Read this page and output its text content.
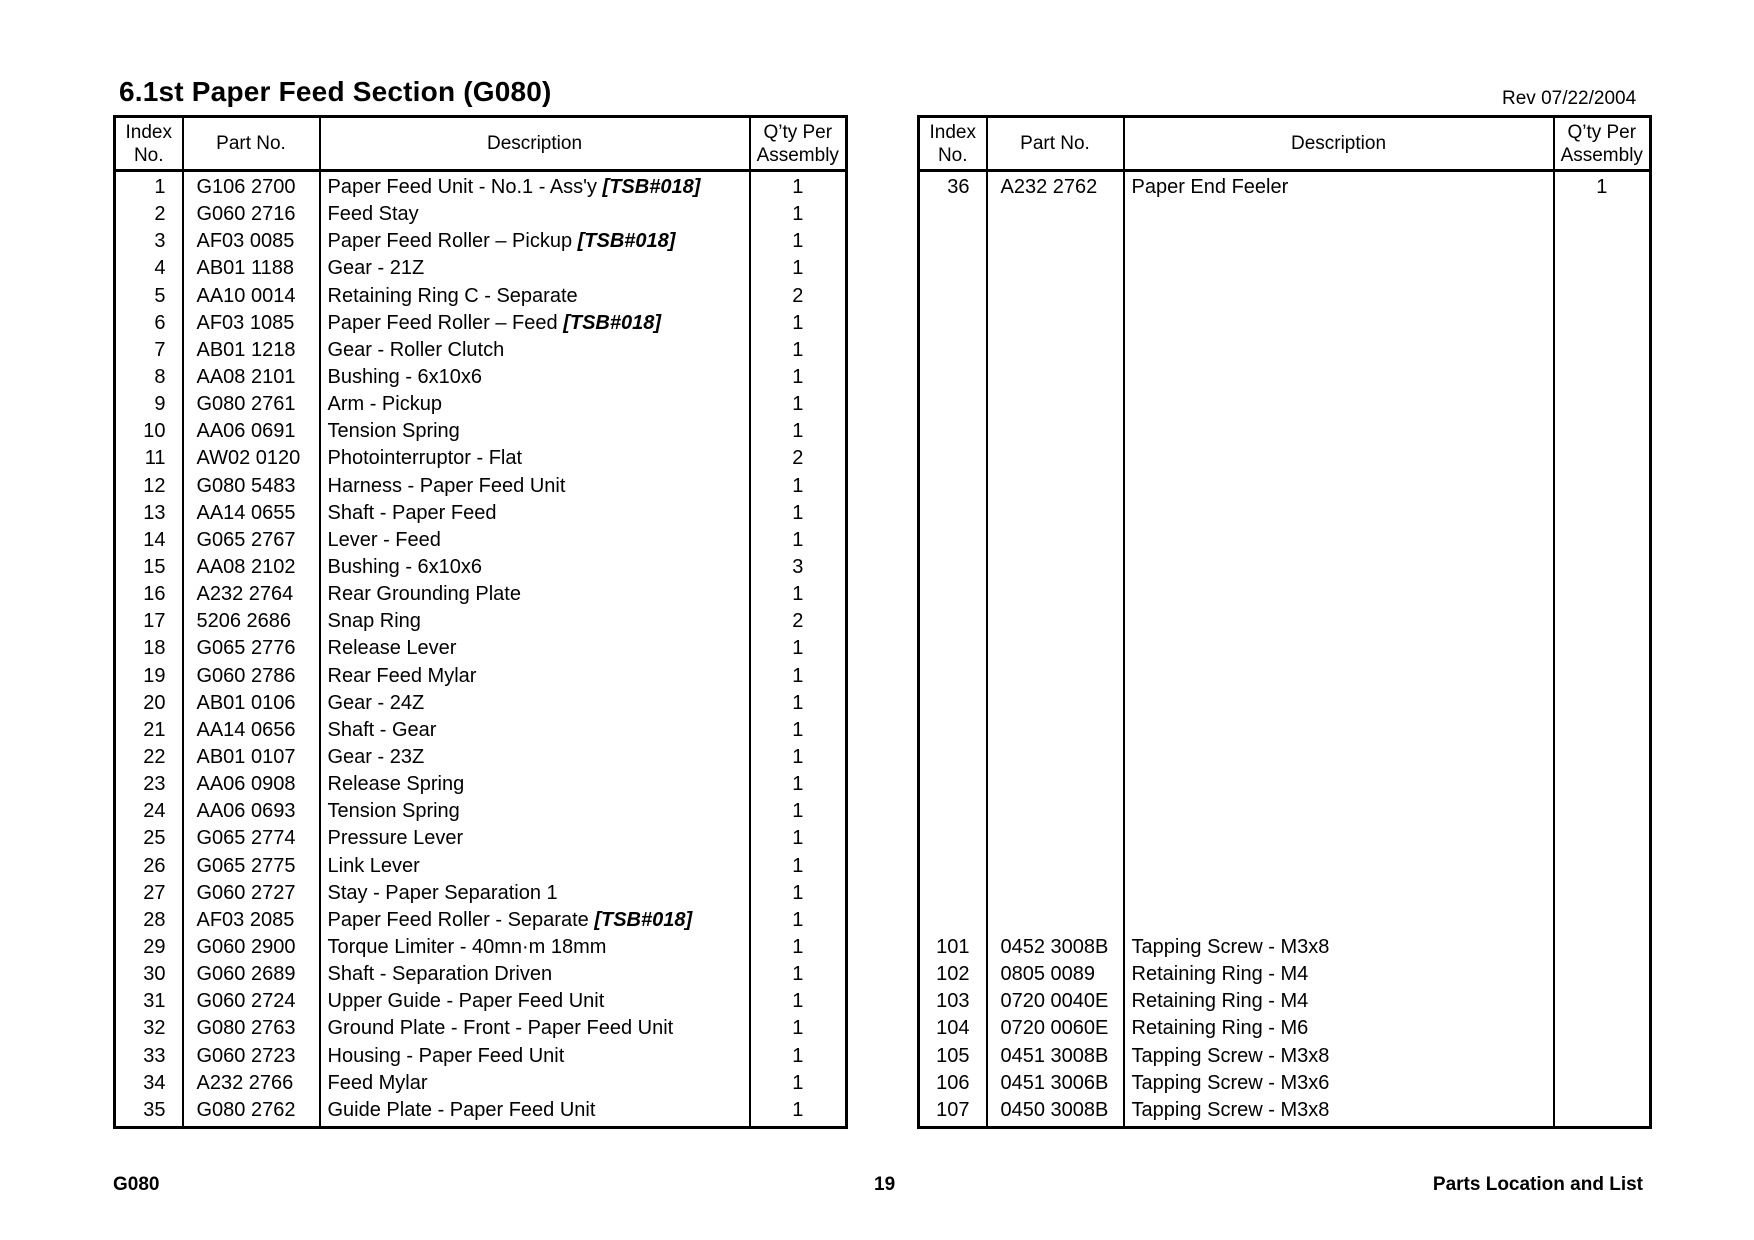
6.1st Paper Feed Section (G080)	Rev 07/22/2004
Index
No.	Part No.	Description	Q’ty Per
Assembly
1	G106 2700	Paper Feed Unit - No.1 - Ass'y [TSB#018]	1
2	G060 2716	Feed Stay	1
3	AF03 0085	Paper Feed Roller – Pickup [TSB#018]	1
4	AB01 1188	Gear - 21Z	1
5	AA10 0014	Retaining Ring C - Separate	2
6	AF03 1085	Paper Feed Roller – Feed [TSB#018]	1
7	AB01 1218	Gear - Roller Clutch	1
8	AA08 2101	Bushing - 6x10x6	1
9	G080 2761	Arm - Pickup	1
10	AA06 0691	Tension Spring	1
11	AW02 0120	Photointerruptor - Flat	2
12	G080 5483	Harness - Paper Feed Unit	1
13	AA14 0655	Shaft - Paper Feed	1
14	G065 2767	Lever - Feed	1
15	AA08 2102	Bushing - 6x10x6	3
16	A232 2764	Rear Grounding Plate	1
17	5206 2686	Snap Ring	2
18	G065 2776	Release Lever	1
19	G060 2786	Rear Feed Mylar	1
20	AB01 0106	Gear - 24Z	1
21	AA14 0656	Shaft - Gear	1
22	AB01 0107	Gear - 23Z	1
23	AA06 0908	Release Spring	1
24	AA06 0693	Tension Spring	1
25	G065 2774	Pressure Lever	1
26	G065 2775	Link Lever	1
27	G060 2727	Stay - Paper Separation 1	1
28	AF03 2085	Paper Feed Roller - Separate [TSB#018]	1
29	G060 2900	Torque Limiter - 40mn·m 18mm	1
30	G060 2689	Shaft - Separation Driven	1
31	G060 2724	Upper Guide - Paper Feed Unit	1
32	G080 2763	Ground Plate - Front - Paper Feed Unit	1
33	G060 2723	Housing - Paper Feed Unit	1
34	A232 2766	Feed Mylar	1
35	G080 2762	Guide Plate - Paper Feed Unit	1
Index
No.	Part No.	Description	Q’ty Per
Assembly
36	A232 2762	Paper End Feeler	1

101	0452 3008B	Tapping Screw - M3x8	
102	0805 0089	Retaining Ring - M4	
103	0720 0040E	Retaining Ring - M4	
104	0720 0060E	Retaining Ring - M6	
105	0451 3008B	Tapping Screw - M3x8	
106	0451 3006B	Tapping Screw - M3x6	
107	0450 3008B	Tapping Screw - M3x8	
G080	19	Parts Location and List
